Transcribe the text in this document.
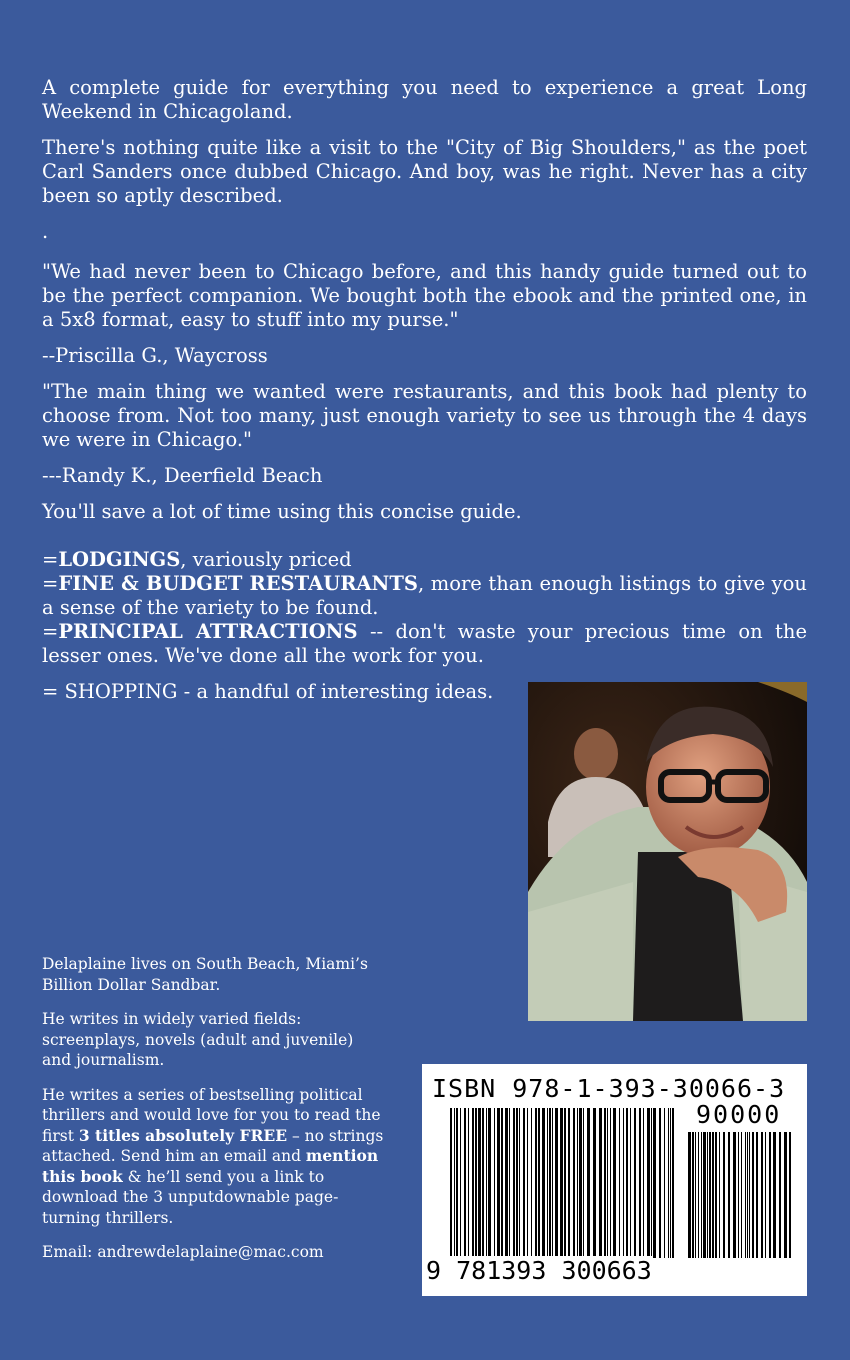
A complete guide for everything you need to experience a great Long Weekend in Chicagoland.

There's nothing quite like a visit to the "City of Big Shoulders," as the poet Carl Sanders once dubbed Chicago. And boy, was he right. Never has a city been so aptly described.

.

"We had never been to Chicago before, and this handy guide turned out to be the perfect companion. We bought both the ebook and the printed one, in a 5x8 format, easy to stuff into my purse."

--Priscilla G., Waycross

"The main thing we wanted were restaurants, and this book had plenty to choose from. Not too many, just enough variety to see us through the 4 days we were in Chicago."

---Randy K., Deerfield Beach

You'll save a lot of time using this concise guide.

=LODGINGS, variously priced

=FINE & BUDGET RESTAURANTS, more than enough listings to give you a sense of the variety to be found.

=PRINCIPAL ATTRACTIONS -- don't waste your precious time on the lesser ones. We've done all the work for you.

= SHOPPING - a handful of interesting ideas.

Delaplaine lives on South Beach, Miami’s Billion Dollar Sandbar.

He writes in widely varied fields: screenplays, novels (adult and juvenile) and journalism.

He writes a series of bestselling political thrillers and would love for you to read the first 3 titles absolutely FREE – no strings attached. Send him an email and mention this book & he’ll send you a link to download the 3 unputdownable page-turning thrillers.

Email: andrewdelaplaine@mac.com

ISBN 978-1-393-30066-3
90000
9 781393 300663
